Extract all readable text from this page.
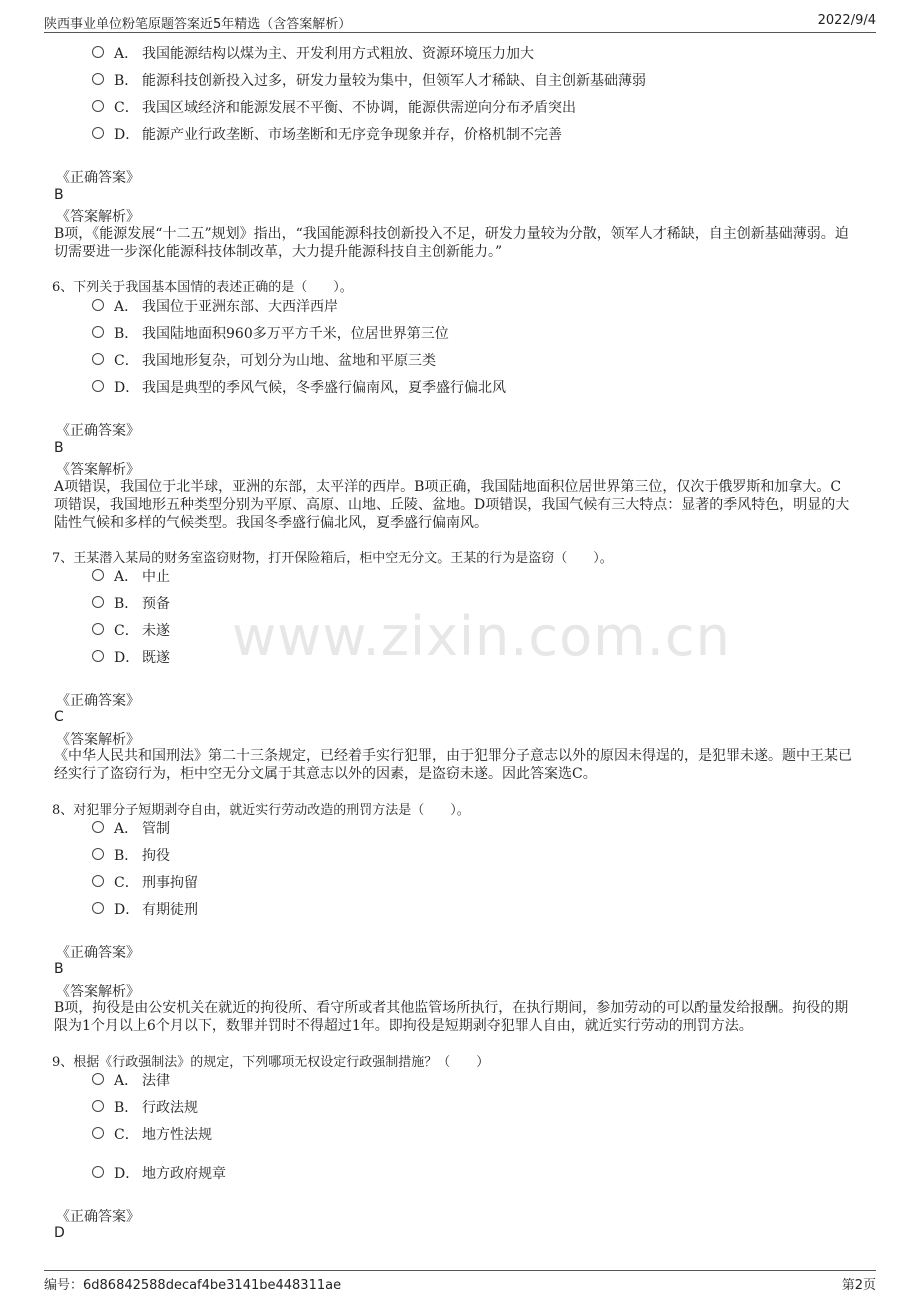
陕西事业单位粉笔原题答案近5年精选（含答案解析）	2022/9/4
www.zixin.com.cn
A． 我国能源结构以煤为主、开发利用方式粗放、资源环境压力加大
B． 能源科技创新投入过多，研发力量较为集中，但领军人才稀缺、自主创新基础薄弱
C． 我国区域经济和能源发展不平衡、不协调，能源供需逆向分布矛盾突出
D． 能源产业行政垄断、市场垄断和无序竞争现象并存，价格机制不完善
《正确答案》
B
《答案解析》
B项，《能源发展“十二五”规划》指出，“我国能源科技创新投入不足，研发力量较为分散，领军人才稀缺，自主创新基础薄弱。迫切需要进一步深化能源科技体制改革，大力提升能源科技自主创新能力。”
6、下列关于我国基本国情的表述正确的是（　　）。
A． 我国位于亚洲东部、大西洋西岸
B． 我国陆地面积960多万平方千米，位居世界第三位
C． 我国地形复杂，可划分为山地、盆地和平原三类
D． 我国是典型的季风气候，冬季盛行偏南风，夏季盛行偏北风
《正确答案》
B
《答案解析》
A项错误，我国位于北半球，亚洲的东部，太平洋的西岸。B项正确，我国陆地面积位居世界第三位，仅次于俄罗斯和加拿大。C项错误，我国地形五种类型分别为平原、高原、山地、丘陵、盆地。D项错误，我国气候有三大特点：显著的季风特色，明显的大陆性气候和多样的气候类型。我国冬季盛行偏北风，夏季盛行偏南风。
7、王某潜入某局的财务室盗窃财物，打开保险箱后，柜中空无分文。王某的行为是盗窃（　　）。
A． 中止
B． 预备
C． 未遂
D． 既遂
《正确答案》
C
《答案解析》
《中华人民共和国刑法》第二十三条规定，已经着手实行犯罪，由于犯罪分子意志以外的原因未得逞的，是犯罪未遂。题中王某已经实行了盗窃行为，柜中空无分文属于其意志以外的因素，是盗窃未遂。因此答案选C。
8、对犯罪分子短期剥夺自由，就近实行劳动改造的刑罚方法是（　　）。
A． 管制
B． 拘役
C． 刑事拘留
D． 有期徒刑
《正确答案》
B
《答案解析》
B项，拘役是由公安机关在就近的拘役所、看守所或者其他监管场所执行，在执行期间，参加劳动的可以酌量发给报酬。拘役的期限为1个月以上6个月以下，数罪并罚时不得超过1年。即拘役是短期剥夺犯罪人自由，就近实行劳动的刑罚方法。
9、根据《行政强制法》的规定，下列哪项无权设定行政强制措施？（　　）
A． 法律
B． 行政法规
C． 地方性法规
D． 地方政府规章
《正确答案》
D
编号：6d86842588decaf4be3141be448311ae	第2页
